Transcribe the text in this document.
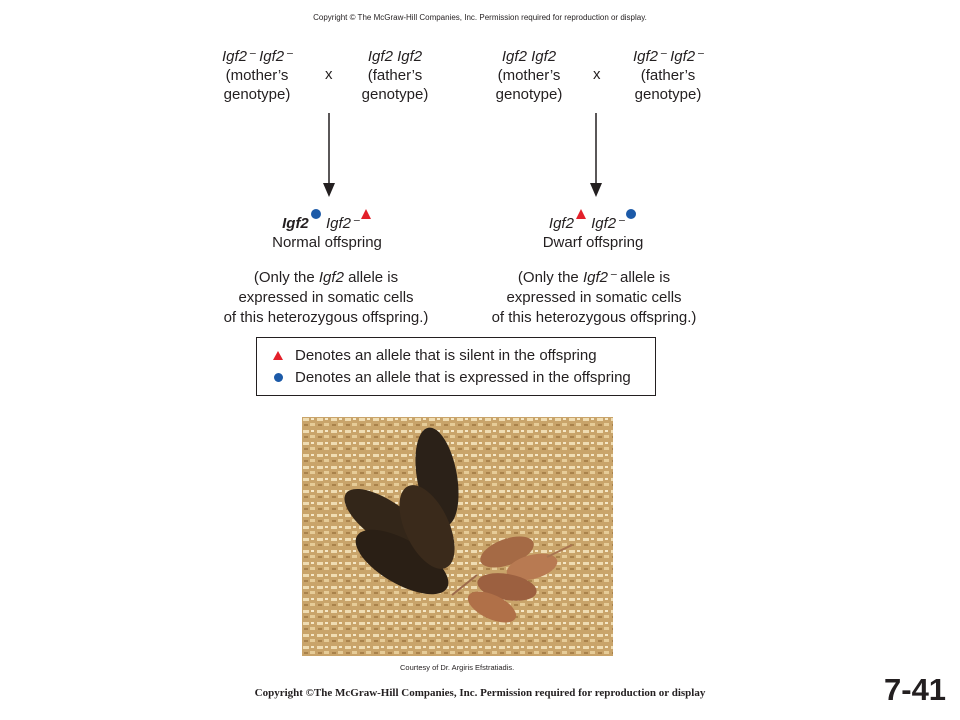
Copyright © The McGraw-Hill Companies, Inc. Permission required for reproduction or display.
Igf2⁻ Igf2⁻
(mother’s
genotype)
x
Igf2 Igf2
(father’s
genotype)
Igf2 Igf2⁻
Normal offspring
(Only the Igf2 allele is
expressed in somatic cells
of this heterozygous offspring.)
Igf2 Igf2
(mother’s
genotype)
x
Igf2⁻ Igf2⁻
(father’s
genotype)
Igf2 Igf2⁻
Dwarf offspring
(Only the Igf2⁻ allele is
expressed in somatic cells
of this heterozygous offspring.)
Denotes an allele that is silent in the offspring
Denotes an allele that is expressed in the offspring
Courtesy of Dr. Argiris Efstratiadis.
Copyright ©The McGraw-Hill Companies, Inc. Permission required for reproduction or display	7-41
